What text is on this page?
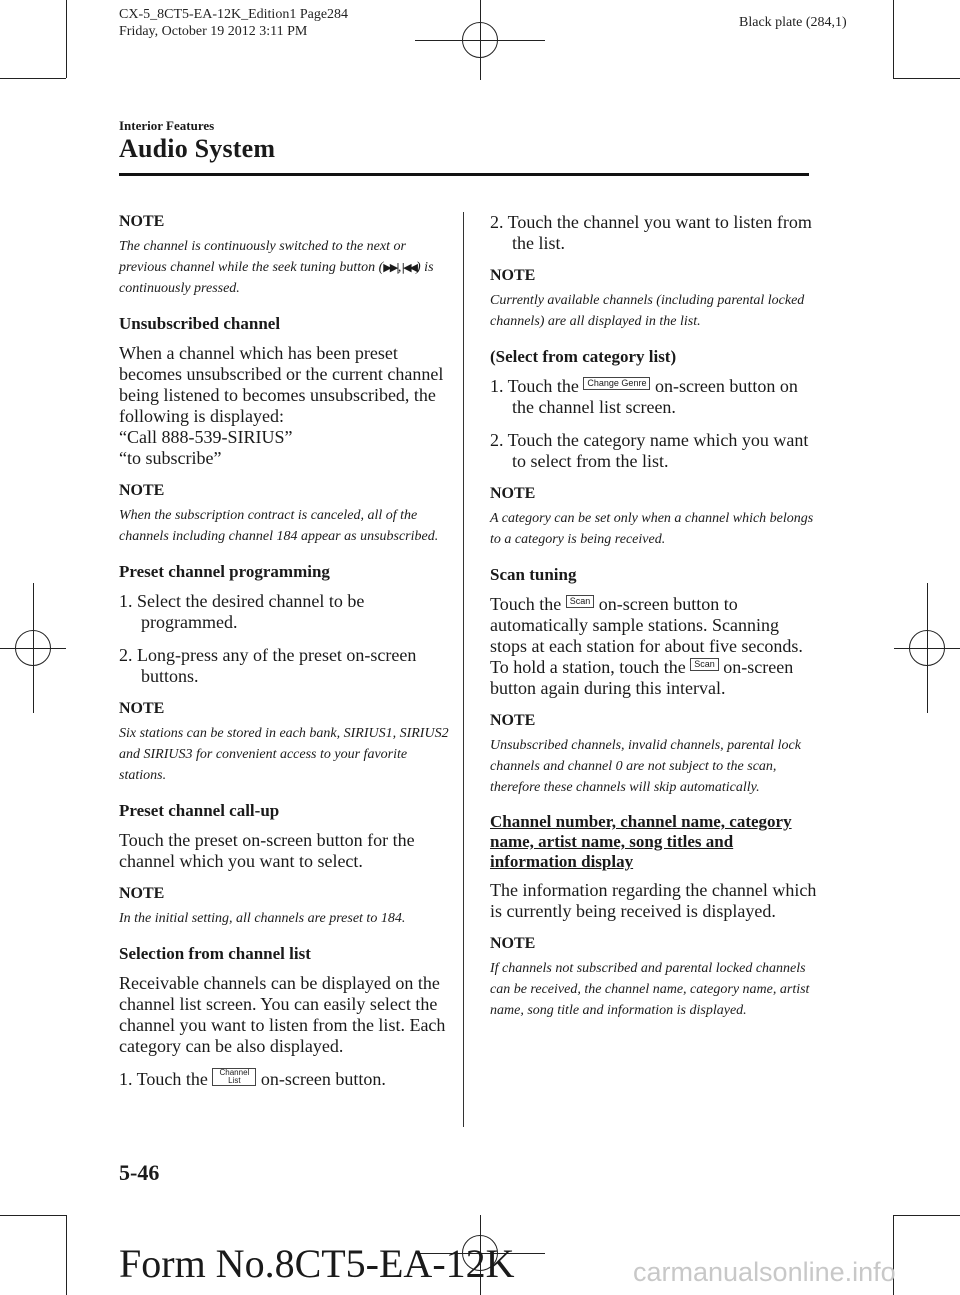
CX-5_8CT5-EA-12K_Edition1 Page284
Friday, October 19 2012 3:11 PM
Black plate (284,1)
Interior Features
Audio System
NOTE
The channel is continuously switched to the next or previous channel while the seek tuning button (▶▶|,|◀◀) is continuously pressed.
Unsubscribed channel
When a channel which has been preset becomes unsubscribed or the current channel being listened to becomes unsubscribed, the following is displayed:
“Call 888-539-SIRIUS”
“to subscribe”
NOTE
When the subscription contract is canceled, all of the channels including channel 184 appear as unsubscribed.
Preset channel programming
1. Select the desired channel to be programmed.
2. Long-press any of the preset on-screen buttons.
NOTE
Six stations can be stored in each bank, SIRIUS1, SIRIUS2 and SIRIUS3 for convenient access to your favorite stations.
Preset channel call-up
Touch the preset on-screen button for the channel which you want to select.
NOTE
In the initial setting, all channels are preset to 184.
Selection from channel list
Receivable channels can be displayed on the channel list screen. You can easily select the channel you want to listen from the list. Each category can be also displayed.
1. Touch the Channel
List on-screen button.
2. Touch the channel you want to listen from the list.
NOTE
Currently available channels (including parental locked channels) are all displayed in the list.
(Select from category list)
1. Touch the Change Genre on-screen button on the channel list screen.
2. Touch the category name which you want to select from the list.
NOTE
A category can be set only when a channel which belongs to a category is being received.
Scan tuning
Touch the Scan on-screen button to automatically sample stations. Scanning stops at each station for about five seconds.
To hold a station, touch the Scan on-screen button again during this interval.
NOTE
Unsubscribed channels, invalid channels, parental lock channels and channel 0 are not subject to the scan, therefore these channels will skip automatically.
Channel number, channel name, category name, artist name, song titles and information display
The information regarding the channel which is currently being received is displayed.
NOTE
If channels not subscribed and parental locked channels can be received, the channel name, category name, artist name, song title and information is displayed.
5-46
Form No.8CT5-EA-12K	carmanualsonline.info
